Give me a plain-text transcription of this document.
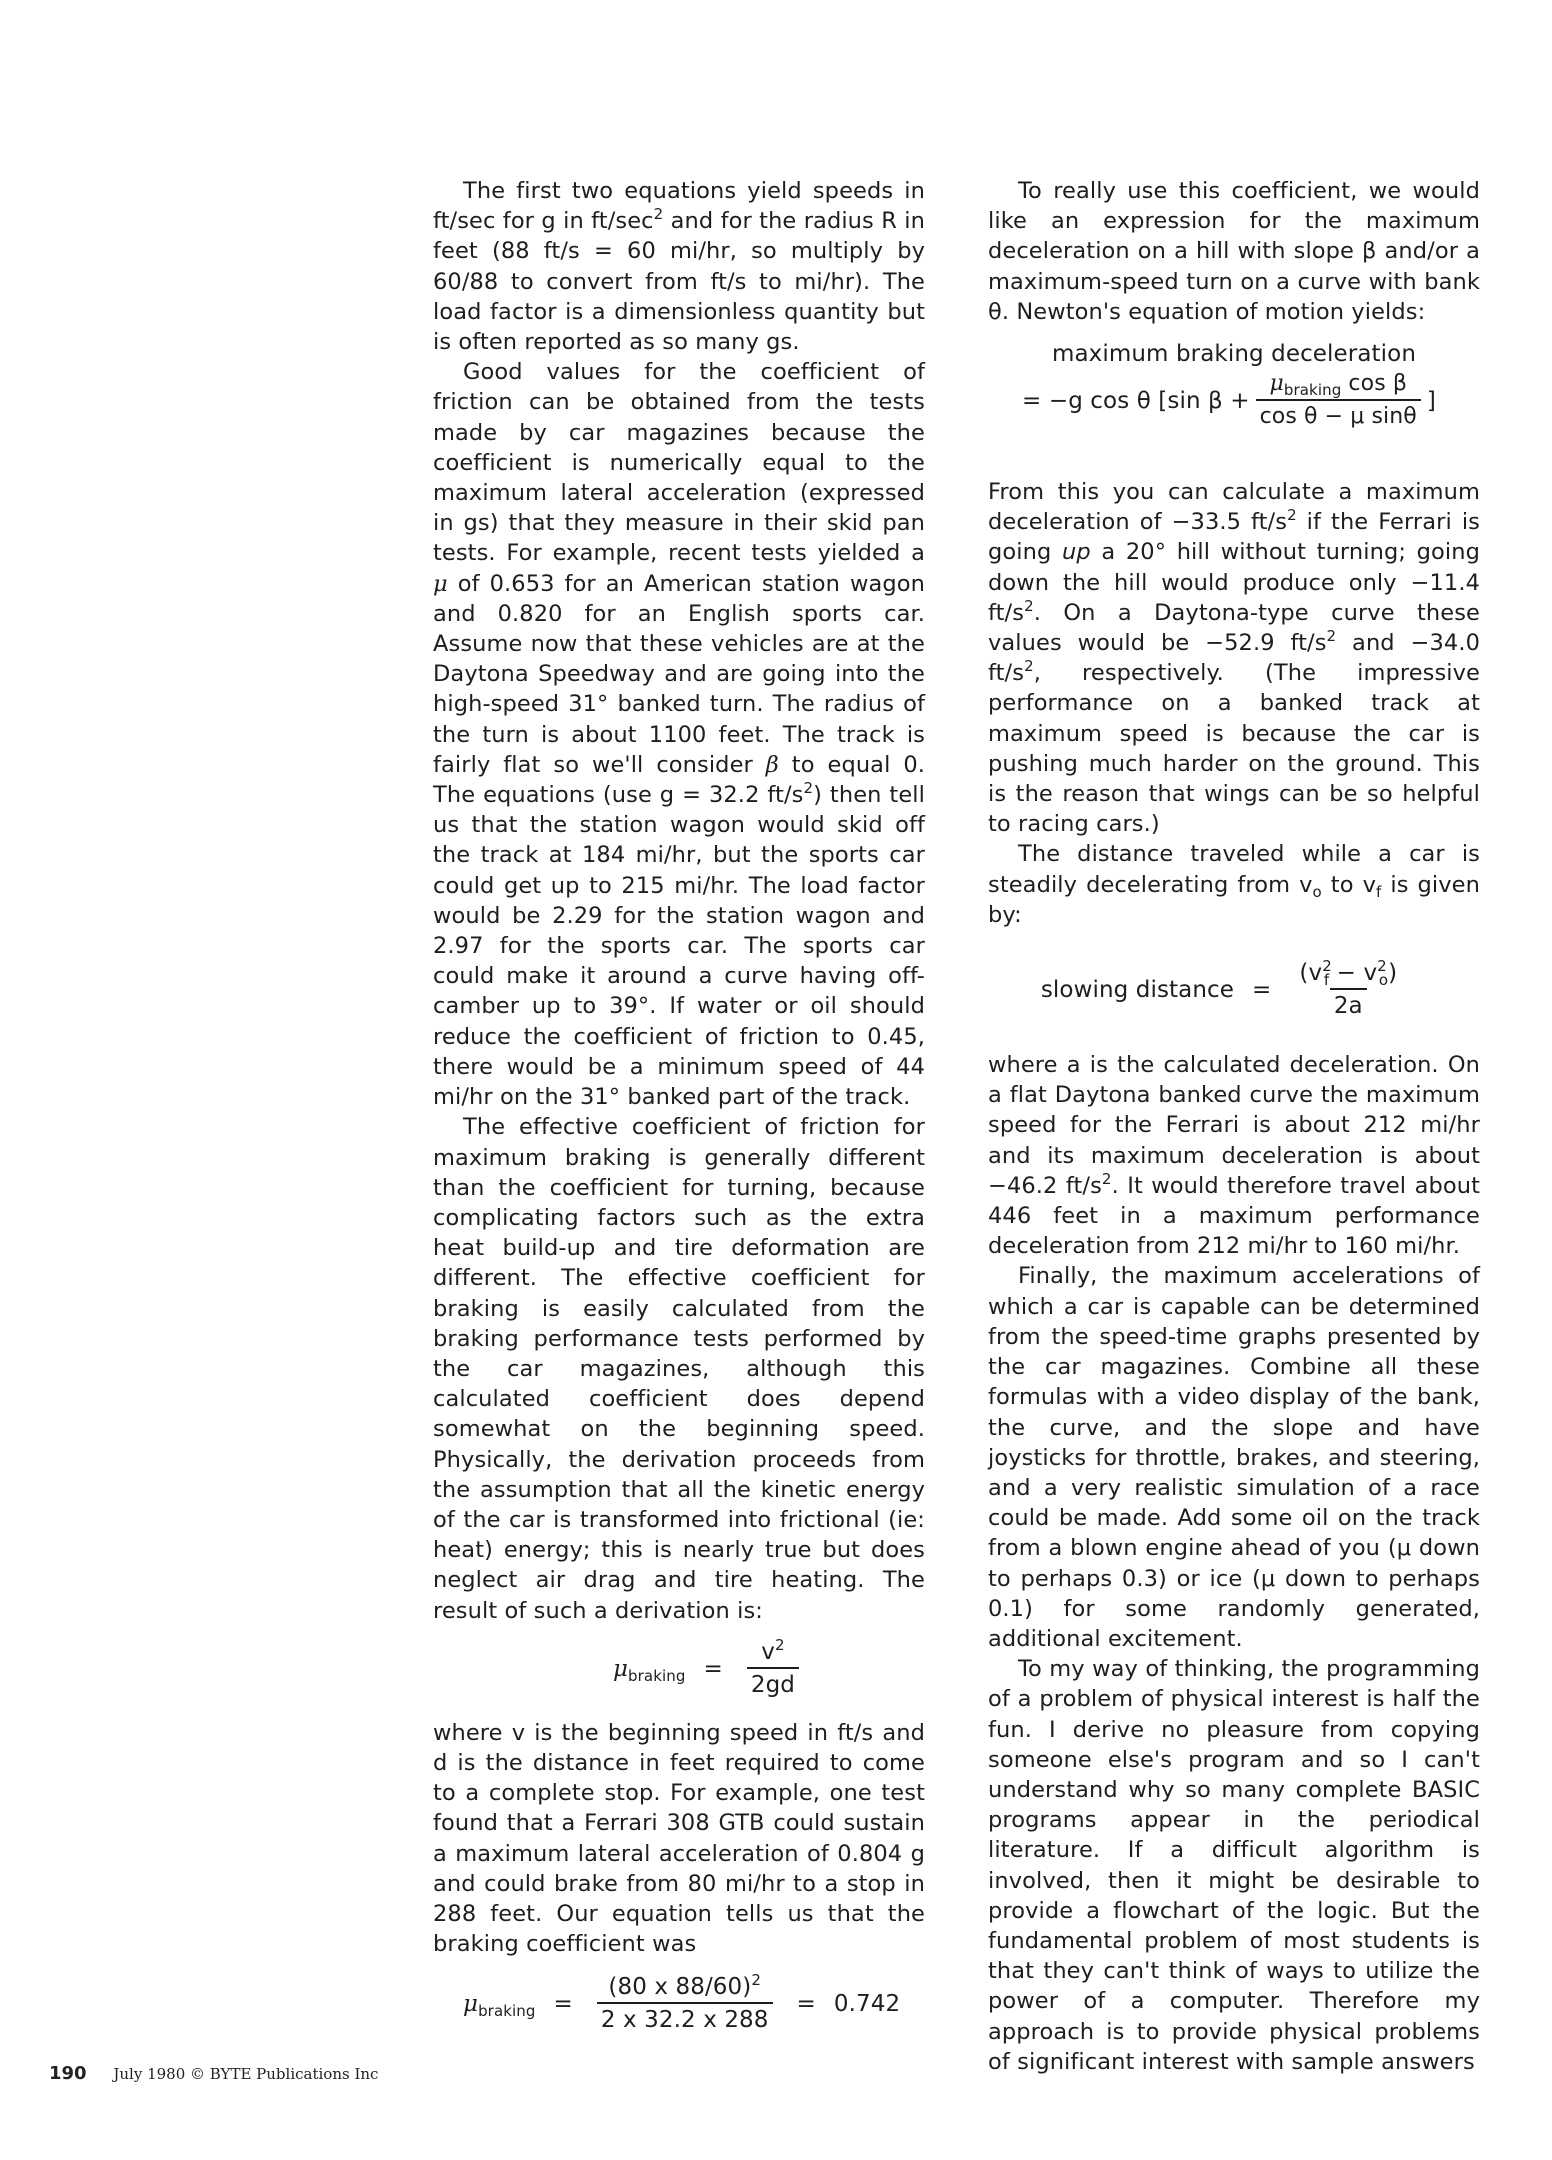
The first two equations yield speeds in ft/sec for g in $ft/\sec^2$ and for the radius R in feet (88 ft/s = 60 mi/hr, so multiply by 60/88 to convert from ft/s to mi/hr). The load factor is a dimensionless quantity but is often reported as so many gs.

Good values for the coefficient of friction can be obtained from the tests made by car magazines because the coefficient is numerically equal to the maximum lateral acceleration (expressed in gs) that they measure in their skid pan tests. For example, recent tests yielded a μ of 0.653 for an American station wagon and 0.820 for an English sports car. Assume now that these vehicles are at the Daytona Speedway and are going into the high-speed 31° banked turn. The radius of the turn is about 1100 feet. The track is fairly flat so we'll consider β to equal 0. The equations (use g = 32.2 $ft/s^2$) then tell us that the station wagon would skid off the track at 184 mi/hr, but the sports car could get up to 215 mi/hr. The load factor would be 2.29 for the station wagon and 2.97 for the sports car. The sports car could make it around a curve having off-camber up to 39°. If water or oil should reduce the coefficient of friction to 0.45, there would be a minimum speed of 44 mi/hr on the 31° banked part of the track.

The effective coefficient of friction for maximum braking is generally different than the coefficient for turning, because complicating factors such as the extra heat build-up and tire deformation are different. The effective coefficient for braking is easily calculated from the braking performance tests performed by the car magazines, although this calculated coefficient does depend somewhat on the beginning speed. Physically, the derivation proceeds from the assumption that all the kinetic energy of the car is transformed into frictional (ie: heat) energy; this is nearly true but does neglect air drag and tire heating. The result of such a derivation is:

$\mu_{braking} = \frac{v^2}{2gd}$

where v is the beginning speed in ft/s and d is the distance in feet required to come to a complete stop. For example, one test found that a Ferrari 308 GTB could sustain a maximum lateral acceleration of 0.804 g and could brake from 80 mi/hr to a stop in 288 feet. Our equation tells us that the braking coefficient was

$\mu_{braking} = \frac{(80 x 88/60)^2}{2 x 32.2 x 288} = 0.742$

To really use this coefficient, we would like an expression for the maximum deceleration on a hill with slope β and/or a maximum-speed turn on a curve with bank θ. Newton's equation of motion yields:

maximum braking deceleration
= −g cos θ [sin $\beta + \frac{\mu_{braking} \cos \beta}{\text{cos θ − μ sinθ}}$ ]

From this you can calculate a maximum deceleration of −33.5 $ft/s^2$ if the Ferrari is going up a 20° hill without turning; going down the hill would produce only −11.4 $ft/s^2$. On a Daytona-type curve these values would be −52.9 $ft/s^2$ and −34.0 $ft/s^2$, respectively. (The impressive performance on a banked track at maximum speed is because the car is pushing much harder on the ground. This is the reason that wings can be so helpful to racing cars.)

The distance traveled while a car is steadily decelerating from $v_o$ to $v_f$ is given by:

slowing distance = $\frac{(v^2_f - v^2_o)}{2a}$

where a is the calculated deceleration. On a flat Daytona banked curve the maximum speed for the Ferrari is about 212 mi/hr and its maximum deceleration is about −46.2 $ft/s^2$. It would therefore travel about 446 feet in a maximum performance deceleration from 212 mi/hr to 160 mi/hr.

Finally, the maximum accelerations of which a car is capable can be determined from the speed-time graphs presented by the car magazines. Combine all these formulas with a video display of the bank, the curve, and the slope and have joysticks for throttle, brakes, and steering, and a very realistic simulation of a race could be made. Add some oil on the track from a blown engine ahead of you (μ down to perhaps 0.3) or ice (μ down to perhaps 0.1) for some randomly generated, additional excitement.

To my way of thinking, the programming of a problem of physical interest is half the fun. I derive no pleasure from copying someone else's program and so I can't understand why so many complete BASIC programs appear in the periodical literature. If a difficult algorithm is involved, then it might be desirable to provide a flowchart of the logic. But the fundamental problem of most students is that they can't think of ways to utilize the power of a computer. Therefore my approach is to provide physical problems of significant interest with sample answers

190 July 1980 © BYTE Publications Inc
